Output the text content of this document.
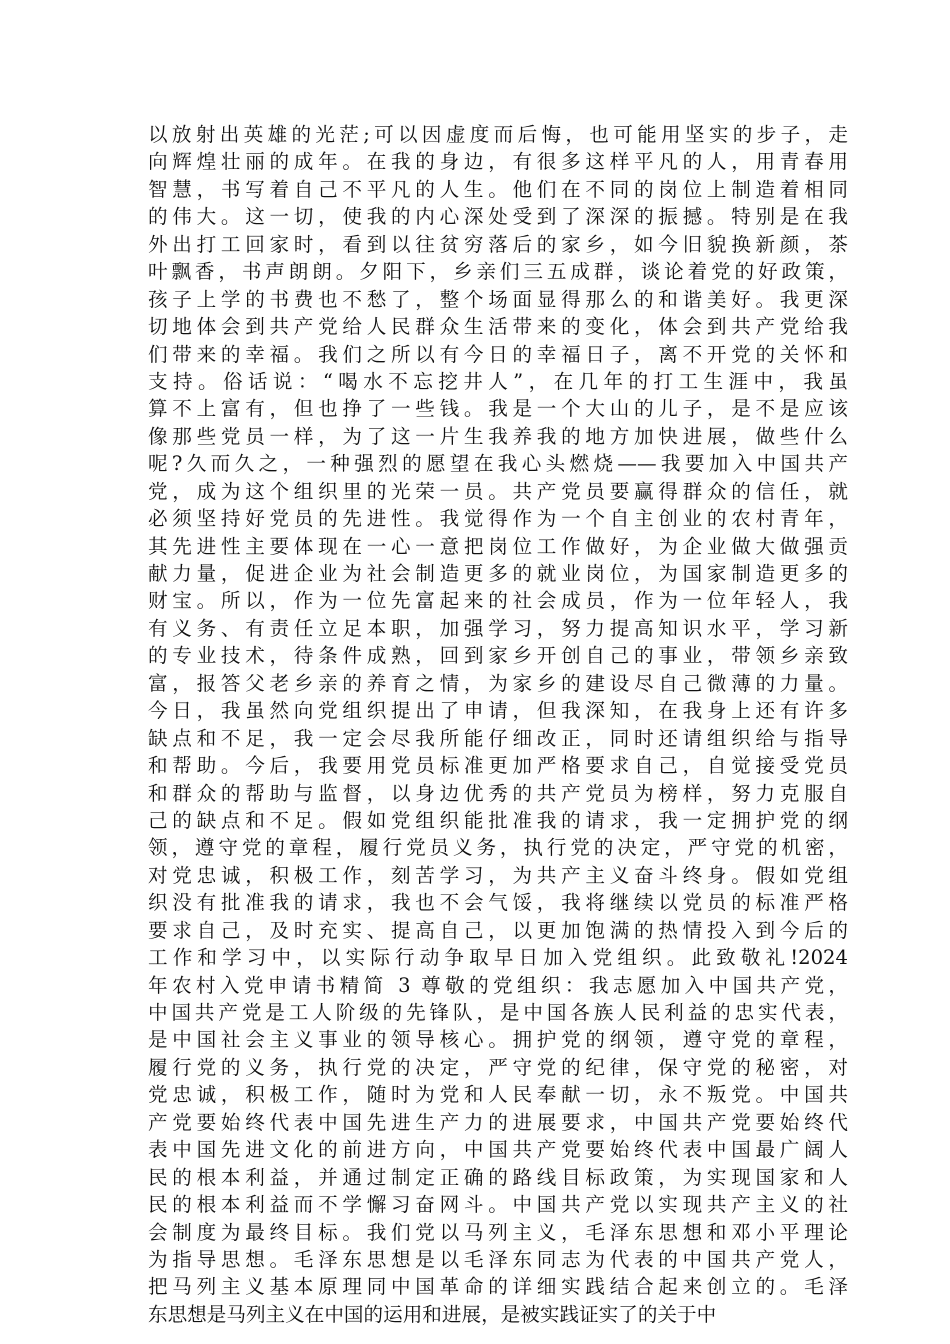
以放射出英雄的光茫;可以因虚度而后悔，也可能用坚实的步子，走
向辉煌壮丽的成年。在我的身边，有很多这样平凡的人，用青春用
智慧，书写着自己不平凡的人生。他们在不同的岗位上制造着相同
的伟大。这一切，使我的内心深处受到了深深的振撼。特别是在我
外出打工回家时，看到以往贫穷落后的家乡，如今旧貌换新颜，茶
叶飘香，书声朗朗。夕阳下，乡亲们三五成群，谈论着党的好政策，
孩子上学的书费也不愁了，整个场面显得那么的和谐美好。我更深
切地体会到共产党给人民群众生活带来的变化，体会到共产党给我
们带来的幸福。我们之所以有今日的幸福日子，离不开党的关怀和
支持。俗话说：“喝水不忘挖井人”，在几年的打工生涯中，我虽
算不上富有，但也挣了一些钱。我是一个大山的儿子，是不是应该
像那些党员一样，为了这一片生我养我的地方加快进展，做些什么
呢?久而久之，一种强烈的愿望在我心头燃烧——我要加入中国共产
党，成为这个组织里的光荣一员。共产党员要赢得群众的信任，就
必须坚持好党员的先进性。我觉得作为一个自主创业的农村青年，
其先进性主要体现在一心一意把岗位工作做好，为企业做大做强贡
献力量，促进企业为社会制造更多的就业岗位，为国家制造更多的
财宝。所以，作为一位先富起来的社会成员，作为一位年轻人，我
有义务、有责任立足本职，加强学习，努力提高知识水平，学习新
的专业技术，待条件成熟，回到家乡开创自己的事业，带领乡亲致
富，报答父老乡亲的养育之情，为家乡的建设尽自己微薄的力量。
今日，我虽然向党组织提出了申请，但我深知，在我身上还有许多
缺点和不足，我一定会尽我所能仔细改正，同时还请组织给与指导
和帮助。今后，我要用党员标准更加严格要求自己，自觉接受党员
和群众的帮助与监督，以身边优秀的共产党员为榜样，努力克服自
己的缺点和不足。假如党组织能批准我的请求，我一定拥护党的纲
领，遵守党的章程，履行党员义务，执行党的决定，严守党的机密，
对党忠诚，积极工作，刻苦学习，为共产主义奋斗终身。假如党组
织没有批准我的请求，我也不会气馁，我将继续以党员的标准严格
要求自己，及时充实、提高自己，以更加饱满的热情投入到今后的
工作和学习中，以实际行动争取早日加入党组织。此致敬礼!2024
年农村入党申请书精简 3 尊敬的党组织：我志愿加入中国共产党，
中国共产党是工人阶级的先锋队，是中国各族人民利益的忠实代表，
是中国社会主义事业的领导核心。拥护党的纲领，遵守党的章程，
履行党的义务，执行党的决定，严守党的纪律，保守党的秘密，对
党忠诚，积极工作，随时为党和人民奉献一切，永不叛党。中国共
产党要始终代表中国先进生产力的进展要求，中国共产党要始终代
表中国先进文化的前进方向，中国共产党要始终代表中国最广阔人
民的根本利益，并通过制定正确的路线目标政策，为实现国家和人
民的根本利益而不学懈习奋网斗。中国共产党以实现共产主义的社
会制度为最终目标。我们党以马列主义，毛泽东思想和邓小平理论
为指导思想。毛泽东思想是以毛泽东同志为代表的中国共产党人，
把马列主义基本原理同中国革命的详细实践结合起来创立的。毛泽
东思想是马列主义在中国的运用和进展，是被实践证实了的关于中
